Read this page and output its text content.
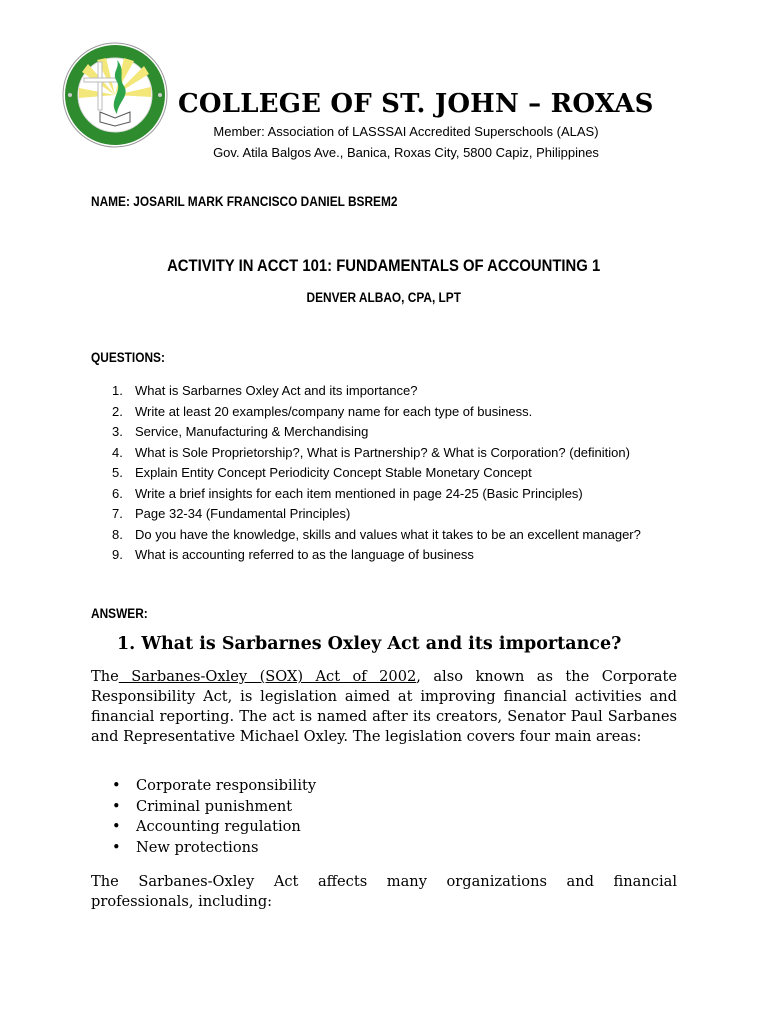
COLLEGE OF ST. JOHN – ROXAS
Member: Association of LASSSAI Accredited Superschools (ALAS)
Gov. Atila Balgos Ave., Banica, Roxas City, 5800 Capiz, Philippines
NAME: JOSARIL MARK FRANCISCO DANIEL BSREM2
ACTIVITY IN ACCT 101: FUNDAMENTALS OF ACCOUNTING 1
DENVER ALBAO, CPA, LPT
QUESTIONS:
1. What is Sarbarnes Oxley Act and its importance?
2. Write at least 20 examples/company name for each type of business.
3. Service, Manufacturing & Merchandising
4. What is Sole Proprietorship?, What is Partnership? & What is Corporation? (definition)
5. Explain Entity Concept Periodicity Concept Stable Monetary Concept
6. Write a brief insights for each item mentioned in page 24-25 (Basic Principles)
7. Page 32-34 (Fundamental Principles)
8. Do you have the knowledge, skills and values what it takes to be an excellent manager?
9. What is accounting referred to as the language of business
ANSWER:
1. What is Sarbarnes Oxley Act and its importance?
The Sarbanes-Oxley (SOX) Act of 2002, also known as the Corporate Responsibility Act, is legislation aimed at improving financial activities and financial reporting. The act is named after its creators, Senator Paul Sarbanes and Representative Michael Oxley. The legislation covers four main areas:
• Corporate responsibility
• Criminal punishment
• Accounting regulation
• New protections
The Sarbanes-Oxley Act affects many organizations and financial professionals, including:
